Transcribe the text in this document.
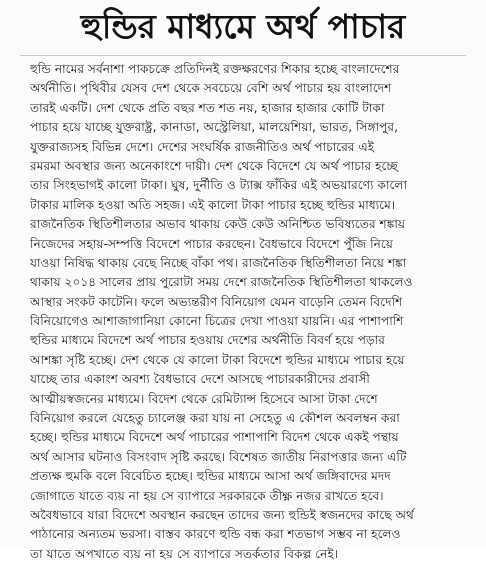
হুন্ডির মাধ্যমে অর্থ পাচার
হুন্ডি নামের সর্বনাশা পাকচক্রে প্রতিদিনই রক্তক্ষরণের শিকার হচ্ছে বাংলাদেশের
অর্থনীতি। পৃথিবীর যেসব দেশ থেকে সবচেয়ে বেশি অর্থ পাচার হয় বাংলাদেশ
তারই একটি। দেশ থেকে প্রতি বছর শত শত নয়, হাজার হাজার কোটি টাকা
পাচার হয়ে যাচ্ছে যুক্তরাষ্ট্র, কানাডা, অস্ট্রেলিয়া, মালয়েশিয়া, ভারত, সিঙ্গাপুর,
যুক্তরাজ্যসহ বিভিন্ন দেশে। দেশের সংঘর্ষিক রাজনীতিও অর্থ পাচারের এই
রমরমা অবস্থার জন্য অনেকাংশে দায়ী। দেশ থেকে বিদেশে যে অর্থ পাচার হচ্ছে
তার সিংহভাগই কালো টাকা। ঘুষ, দুর্নীতি ও ট্যাক্স ফাঁকির এই অভয়ারণ্যে কালো
টাকার মালিক হওয়া অতি সহজ। এই কালো টাকা পাচার হচ্ছে হুন্ডির মাধ্যমে।
রাজনৈতিক স্থিতিশীলতার অভাব থাকায় কেউ কেউ অনিশ্চিত ভবিষ্যতের শঙ্কায়
নিজেদের সহায়-সম্পত্তি বিদেশে পাচার করছেন। বৈধভাবে বিদেশে পুঁজি নিয়ে
যাওয়া নিষিদ্ধ থাকায় বেছে নিচ্ছে বাঁকা পথ। রাজনৈতিক স্থিতিশীলতা নিয়ে শঙ্কা
থাকায় ২০১৪ সালের প্রায় পুরোটা সময় দেশে রাজনৈতিক স্থিতিশীলতা থাকলেও
আস্থার সংকট কাটেনি। ফলে অভ্যন্তরীণ বিনিয়োগ যেমন বাড়েনি তেমন বিদেশি
বিনিয়োগেও আশাজাগানিয়া কোনো চিত্রের দেখা পাওয়া যায়নি। এর পাশাপাশি
হুন্ডির মাধ্যমে বিদেশে অর্থ পাচার হওয়ায় দেশের অর্থনীতি বিবর্ণ হয়ে পড়ার
আশঙ্কা সৃষ্টি হচ্ছে। দেশ থেকে যে কালো টাকা বিদেশে হুন্ডির মাধ্যমে পাচার হয়ে
যাচ্ছে তার একাংশ অবশ্য বৈধভাবে দেশে আসছে পাচারকারীদের প্রবাসী
আত্মীয়স্বজনের মাধ্যমে। বিদেশ থেকে রেমিট্যান্স হিসেবে আসা টাকা দেশে
বিনিয়োগ করলে যেহেতু চ্যালেঞ্জ করা যায় না সেহেতু এ কৌশল অবলম্বন করা
হচ্ছে। হুন্ডির মাধ্যমে বিদেশে অর্থ পাচারের পাশাপাশি বিদেশ থেকে একই পন্থায়
অর্থ আসার ঘটনাও বিসংবাদ সৃষ্টি করছে। বিশেষত জাতীয় নিরাপত্তার জন্য এটি
প্রত্যক্ষ হুমকি বলে বিবেচিত হচ্ছে। হুন্ডির মাধ্যমে আসা অর্থ জঙ্গিবাদের মদদ
জোগাতে যাতে ব্যয় না হয় সে ব্যাপারে সরকারকে তীক্ষ্ণ নজর রাখতে হবে।
অবৈধভাবে যারা বিদেশে অবস্থান করছেন তাদের জন্য হুন্ডিই স্বজনদের কাছে অর্থ
পাঠানোর অন্যতম ভরসা। বাস্তব কারণে হুন্ডি বন্ধ করা শতভাগ সম্ভব না হলেও
তা যাতে অপখাতে ব্যয় না হয় সে ব্যাপারে সতর্কতার বিকল্প নেই।
